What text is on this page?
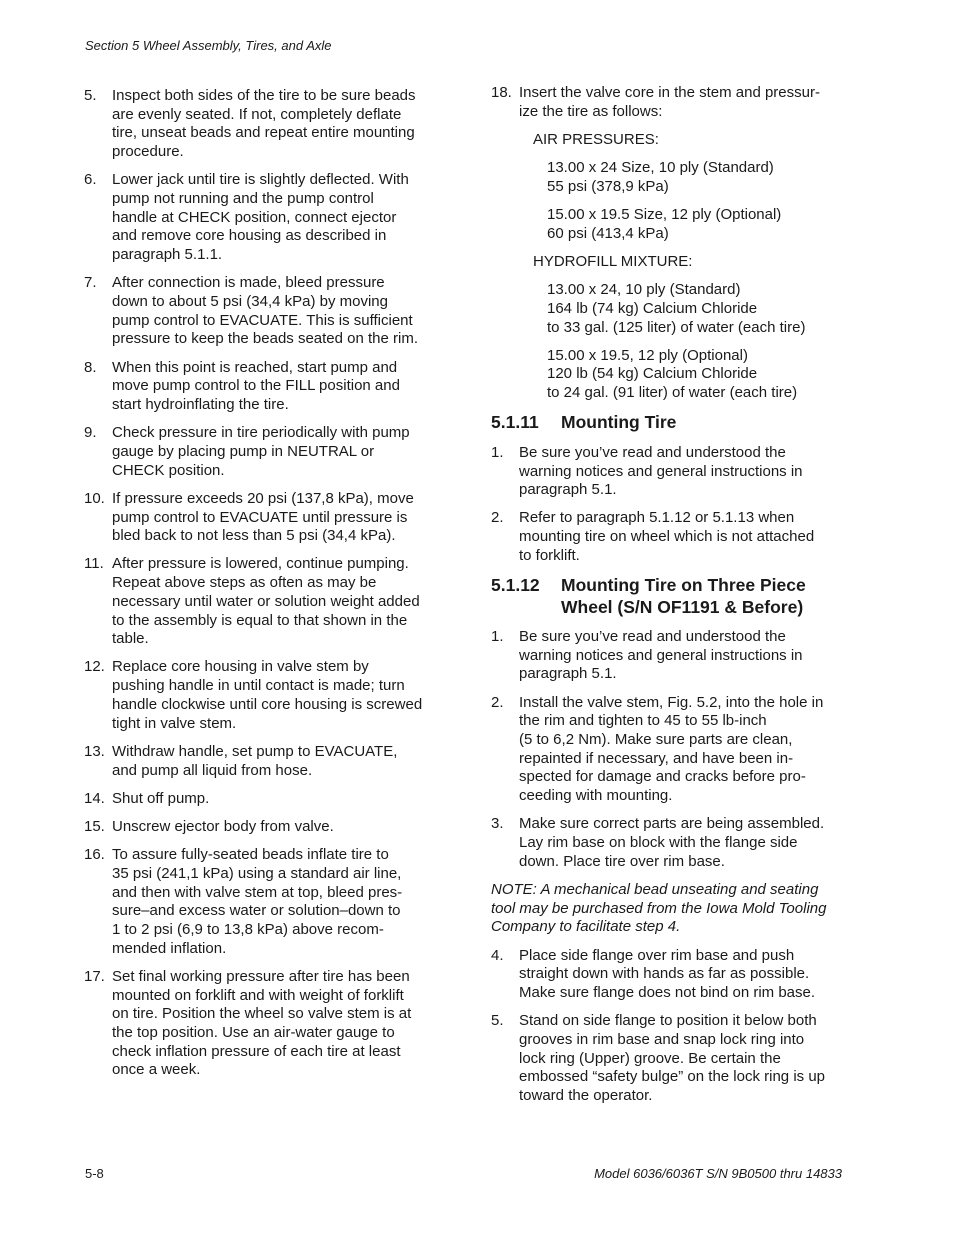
Section 5 Wheel Assembly, Tires, and Axle
5.	Inspect both sides of the tire to be sure beads
are evenly seated. If not, completely deflate
tire, unseat beads and repeat entire mounting
procedure.
6.	Lower jack until tire is slightly deflected. With
pump not running and the pump control
handle at CHECK position, connect ejector
and remove core housing as described in
paragraph 5.1.1.
7.	After connection is made, bleed pressure
down to about 5 psi (34,4 kPa) by moving
pump control to EVACUATE. This is sufficient
pressure to keep the beads seated on the rim.
8.	When this point is reached, start pump and
move pump control to the FILL position and
start hydroinflating the tire.
9.	Check pressure in tire periodically with pump
gauge by placing pump in NEUTRAL or
CHECK position.
10. If pressure exceeds 20 psi (137,8 kPa), move
pump control to EVACUATE until pressure is
bled back to not less than 5 psi (34,4 kPa).
11. After pressure is lowered, continue pumping.
Repeat above steps as often as may be
necessary until water or solution weight added
to the assembly is equal to that shown in the
table.
12. Replace core housing in valve stem by
pushing handle in until contact is made; turn
handle clockwise until core housing is screwed
tight in valve stem.
13. Withdraw handle, set pump to EVACUATE,
and pump all liquid from hose.
14. Shut off pump.
15. Unscrew ejector body from valve.
16. To assure fully-seated beads inflate tire to
35 psi (241,1 kPa) using a standard air line,
and then with valve stem at top, bleed pres-
sure–and excess water or solution–down to
1 to 2 psi (6,9 to 13,8 kPa) above recom-
mended inflation.
17. Set final working pressure after tire has been
mounted on forklift and with weight of forklift
on tire. Position the wheel so valve stem is at
the top position. Use an air-water gauge to
check inflation pressure of each tire at least
once a week.
18. Insert the valve core in the stem and pressur-
ize the tire as follows:
AIR PRESSURES:
13.00 x 24 Size, 10 ply (Standard)
55 psi (378,9 kPa)
15.00 x 19.5 Size, 12 ply (Optional)
60 psi (413,4 kPa)
HYDROFILL MIXTURE:
13.00 x 24, 10 ply (Standard)
164 lb (74 kg) Calcium Chloride
to 33 gal. (125 liter) of water (each tire)
15.00 x 19.5, 12 ply (Optional)
120 lb (54 kg) Calcium Chloride
to 24 gal. (91 liter) of water (each tire)
5.1.11 Mounting Tire
1. Be sure you’ve read and understood the
warning notices and general instructions in
paragraph 5.1.
2. Refer to paragraph 5.1.12 or 5.1.13 when
mounting tire on wheel which is not attached
to forklift.
5.1.12 Mounting Tire on Three Piece
Wheel (S/N OF1191 & Before)
1. Be sure you’ve read and understood the
warning notices and general instructions in
paragraph 5.1.
2. Install the valve stem, Fig. 5.2, into the hole in
the rim and tighten to 45 to 55 lb-inch
(5 to 6,2 Nm). Make sure parts are clean,
repainted if necessary, and have been in-
spected for damage and cracks before pro-
ceeding with mounting.
3. Make sure correct parts are being assembled.
Lay rim base on block with the flange side
down. Place tire over rim base.
NOTE: A mechanical bead unseating and seating
tool may be purchased from the Iowa Mold Tooling
Company to facilitate step 4.
4. Place side flange over rim base and push
straight down with hands as far as possible.
Make sure flange does not bind on rim base.
5. Stand on side flange to position it below both
grooves in rim base and snap lock ring into
lock ring (Upper) groove. Be certain the
embossed “safety bulge” on the lock ring is up
toward the operator.
5-8	Model 6036/6036T S/N 9B0500 thru 14833
